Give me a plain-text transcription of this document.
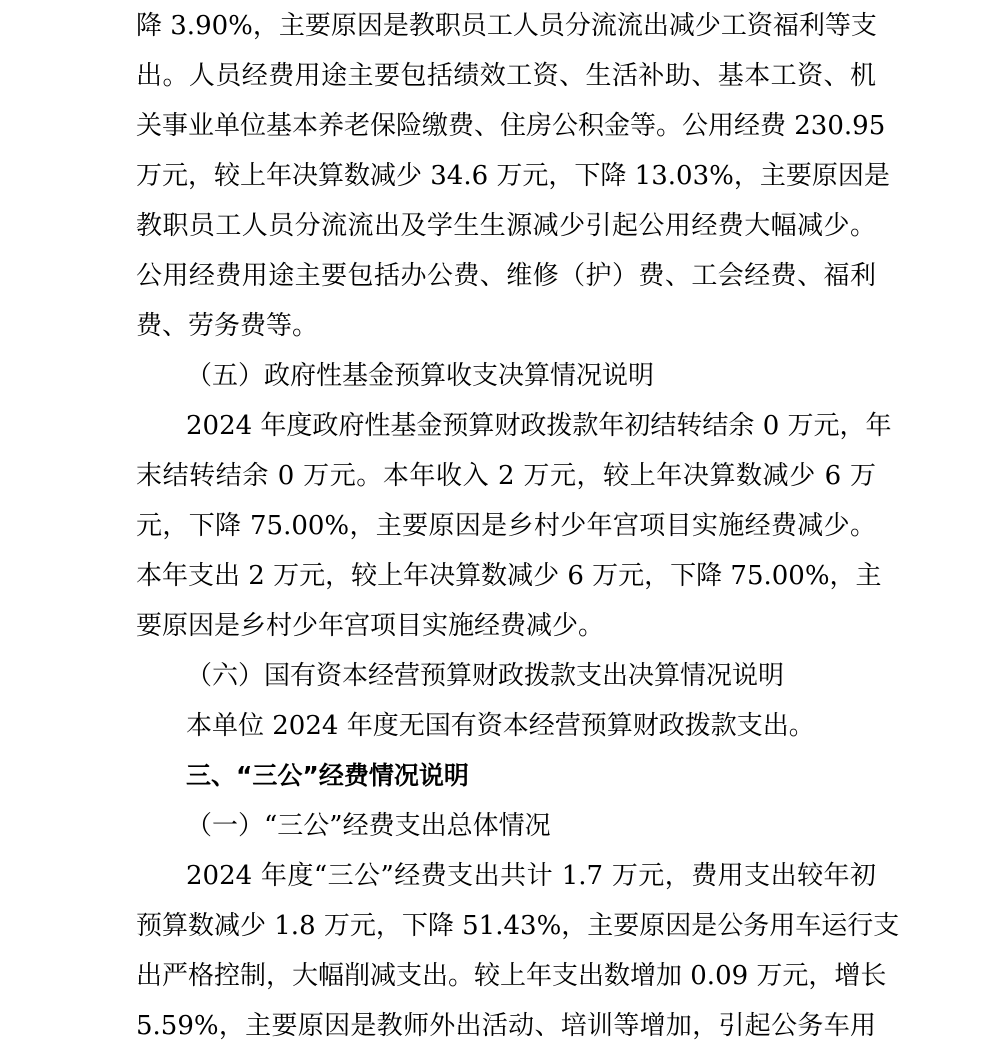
降 3.90%，主要原因是教职员工人员分流流出减少工资福利等支
出。人员经费用途主要包括绩效工资、生活补助、基本工资、机
关事业单位基本养老保险缴费、住房公积金等。公用经费 230.95
万元，较上年决算数减少 34.6 万元，下降 13.03%，主要原因是
教职员工人员分流流出及学生生源减少引起公用经费大幅减少。
公用经费用途主要包括办公费、维修（护）费、工会经费、福利
费、劳务费等。
（五）政府性基金预算收支决算情况说明
2024 年度政府性基金预算财政拨款年初结转结余 0 万元，年
末结转结余 0 万元。本年收入 2 万元，较上年决算数减少 6 万
元，下降 75.00%，主要原因是乡村少年宫项目实施经费减少。
本年支出 2 万元，较上年决算数减少 6 万元，下降 75.00%，主
要原因是乡村少年宫项目实施经费减少。
（六）国有资本经营预算财政拨款支出决算情况说明
本单位 2024 年度无国有资本经营预算财政拨款支出。
三、“三公”经费情况说明
（一）“三公”经费支出总体情况
2024 年度“三公”经费支出共计 1.7 万元，费用支出较年初
预算数减少 1.8 万元，下降 51.43%，主要原因是公务用车运行支
出严格控制，大幅削减支出。较上年支出数增加 0.09 万元，增长
5.59%，主要原因是教师外出活动、培训等增加，引起公务车用
